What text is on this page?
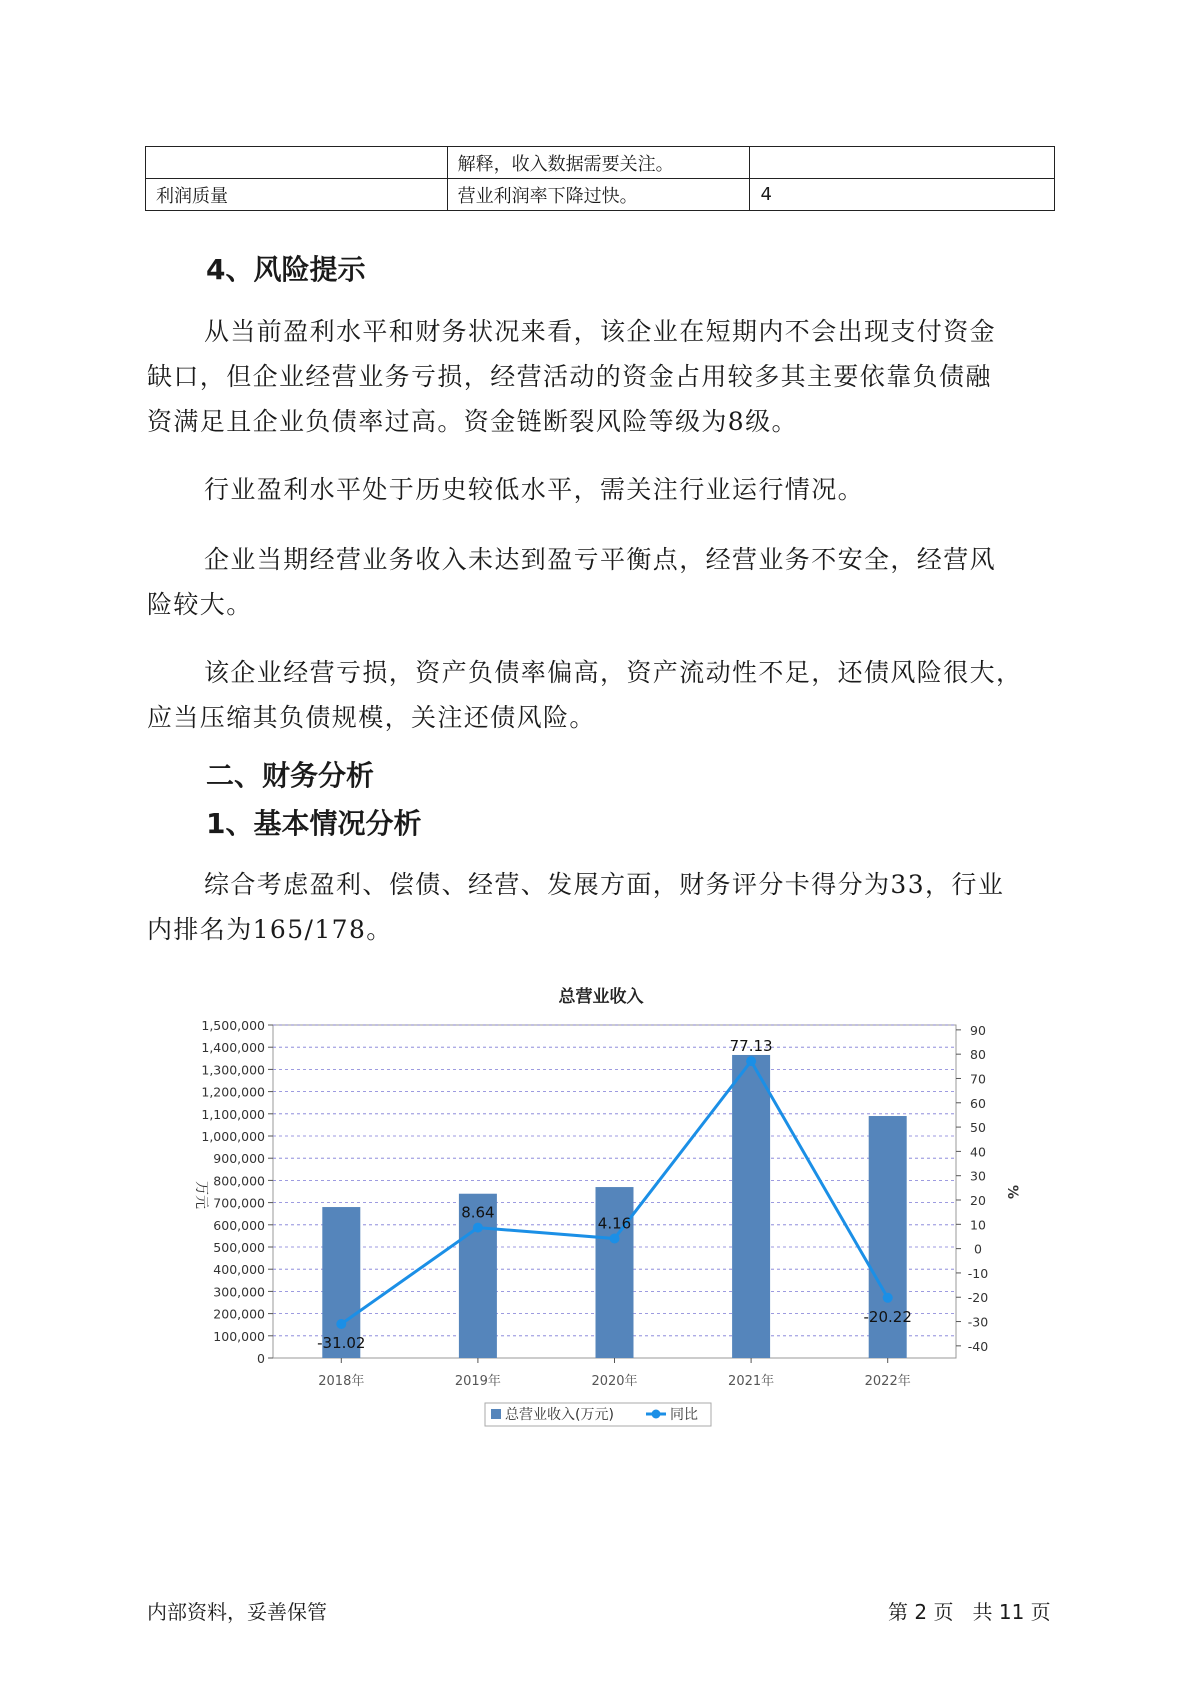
	解释，收入数据需要关注。	
利润质量	营业利润率下降过快。	4
4、风险提示
从当前盈利水平和财务状况来看，该企业在短期内不会出现支付资金
缺口，但企业经营业务亏损，经营活动的资金占用较多其主要依靠负债融
资满足且企业负债率过高。资金链断裂风险等级为8级。
行业盈利水平处于历史较低水平，需关注行业运行情况。
企业当期经营业务收入未达到盈亏平衡点，经营业务不安全，经营风
险较大。
该企业经营亏损，资产负债率偏高，资产流动性不足，还债风险很大，
应当压缩其负债规模，关注还债风险。
二、财务分析
1、基本情况分析
综合考虑盈利、偿债、经营、发展方面，财务评分卡得分为33，行业
内排名为165/178。
总营业收入
0
100,000
200,000
300,000
400,000
500,000
600,000
700,000
800,000
900,000
1,000,000
1,100,000
1,200,000
1,300,000
1,400,000
1,500,000
-40
-30
-20
-10
0
10
20
30
40
50
60
70
80
90
万元	%
2018年	2019年	2020年	2021年	2022年
-31.02
8.64
4.16
77.13
-20.22
总营业收入(万元)	同比
内部资料，妥善保管	第 2 页   共 11 页
